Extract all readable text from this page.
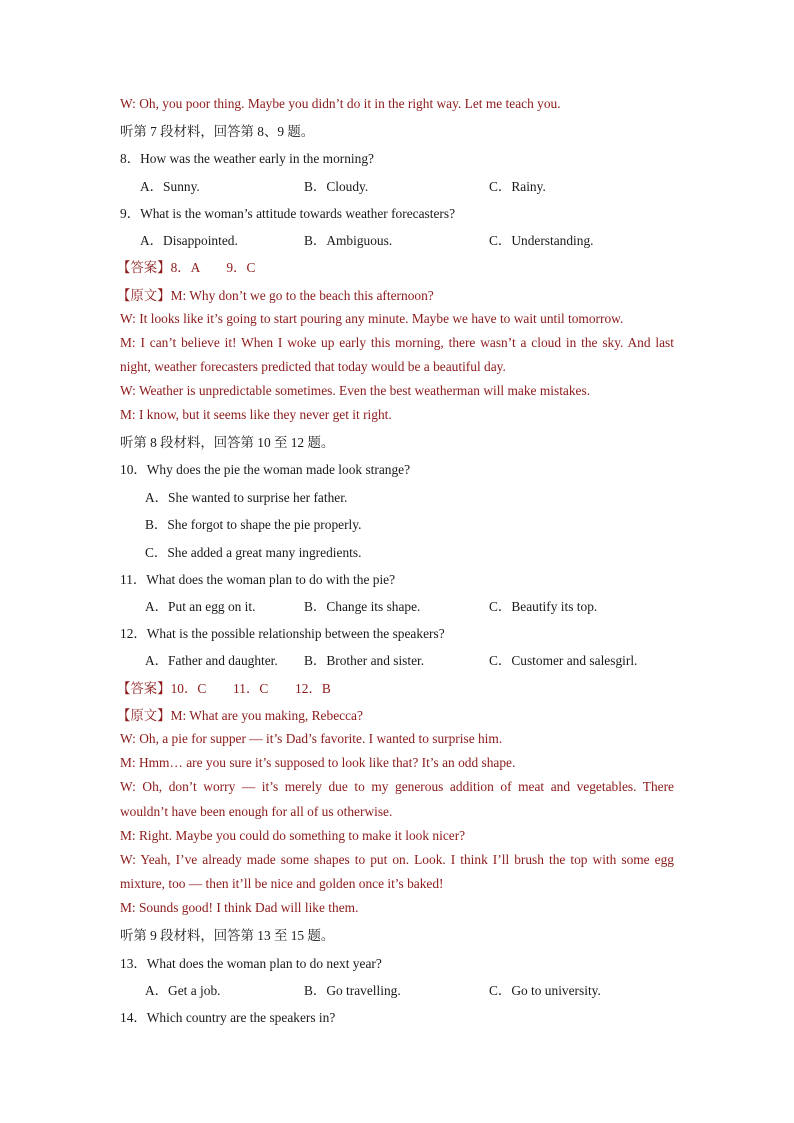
W: Oh, you poor thing. Maybe you didn’t do it in the right way. Let me teach you.
听第 7 段材料，回答第 8、9 题。
8．How was the weather early in the morning?
A．Sunny.	B．Cloudy.	C．Rainy.
9．What is the woman’s attitude towards weather forecasters?
A．Disappointed.	B．Ambiguous.	C．Understanding.
【答案】8．A　　9．C
【原文】M: Why don’t we go to the beach this afternoon?
W: It looks like it’s going to start pouring any minute. Maybe we have to wait until tomorrow.
M: I can’t believe it! When I woke up early this morning, there wasn’t a cloud in the sky. And last
night, weather forecasters predicted that today would be a beautiful day.
W: Weather is unpredictable sometimes. Even the best weatherman will make mistakes.
M: I know, but it seems like they never get it right.
听第 8 段材料，回答第 10 至 12 题。
10．Why does the pie the woman made look strange?
A．She wanted to surprise her father.
B．She forgot to shape the pie properly.
C．She added a great many ingredients.
11．What does the woman plan to do with the pie?
A．Put an egg on it.	B．Change its shape.	C．Beautify its top.
12．What is the possible relationship between the speakers?
A．Father and daughter. B．Brother and sister.	C．Customer and salesgirl.
【答案】10．C　　11．C　　12．B
【原文】M: What are you making, Rebecca?
W: Oh, a pie for supper — it’s Dad’s favorite. I wanted to surprise him.
M: Hmm… are you sure it’s supposed to look like that? It’s an odd shape.
W: Oh, don’t worry — it’s merely due to my generous addition of meat and vegetables. There
wouldn’t have been enough for all of us otherwise.
M: Right. Maybe you could do something to make it look nicer?
W: Yeah, I’ve already made some shapes to put on. Look. I think I’ll brush the top with some egg
mixture, too — then it’ll be nice and golden once it’s baked!
M: Sounds good! I think Dad will like them.
听第 9 段材料，回答第 13 至 15 题。
13．What does the woman plan to do next year?
A．Get a job.	B．Go travelling.	C．Go to university.
14．Which country are the speakers in?
